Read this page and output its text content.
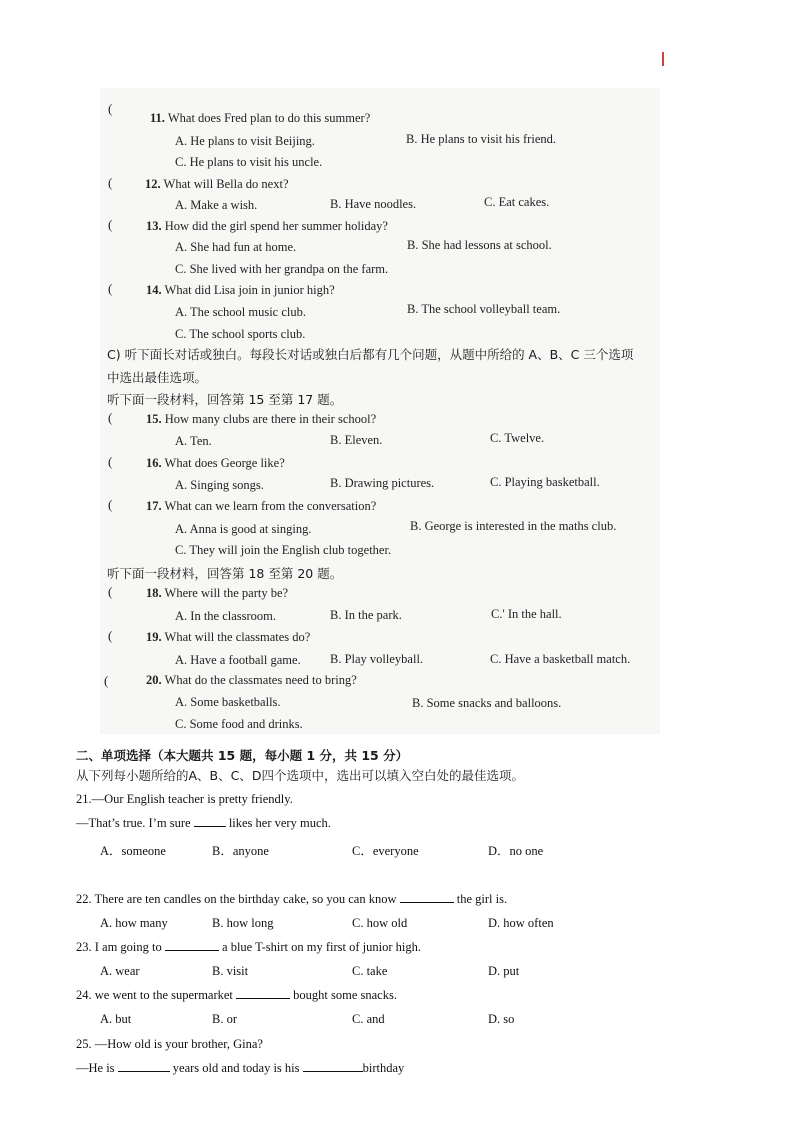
(
11. What does Fred plan to do this summer?
A. He plans to visit Beijing.	B. He plans to visit his friend.
C. He plans to visit his uncle.
(	12. What will Bella do next?
A. Make a wish.	B. Have noodles.	C. Eat cakes.
(	13. How did the girl spend her summer holiday?
A. She had fun at home.	B. She had lessons at school.
C. She lived with her grandpa on the farm.
(	14. What did Lisa join in junior high?
A. The school music club.	B. The school volleyball team.
C. The school sports club.
C) 听下面长对话或独白。每段长对话或独白后都有几个问题，从题中所给的 A、B、C 三个选项
中选出最佳选项。
听下面一段材料，回答第 15 至第 17 题。
(	15. How many clubs are there in their school?
A. Ten.	B. Eleven.	C. Twelve.
(	16. What does George like?
A. Singing songs.	B. Drawing pictures.	C. Playing basketball.
(	17. What can we learn from the conversation?
A. Anna is good at singing.	B. George is interested in the maths club.
C. They will join the English club together.
听下面一段材料，回答第 18 至第 20 题。
(	18. Where will the party be?
A. In the classroom.	B. In the park.	C.' In the hall.
(	19. What will the classmates do?
A. Have a football game. B. Play volleyball.	C. Have a basketball match.
(	20. What do the classmates need to bring?
A. Some basketballs.	B. Some snacks and balloons.
C. Some food and drinks.
二、单项选择（本大题共 15 题，每小题 1 分，共 15 分）
从下列每小题所给的A、B、C、D四个选项中，选出可以填入空白处的最佳选项。
21.—Our English teacher is pretty friendly.
—That’s true. I’m sure	likes her very much.
A．someone	B．anyone	C．everyone	D．no one
22. There are ten candles on the birthday cake, so you can know	the girl is.
A. how many	B. how long	C. how old	D. how often
23. I am going to	a blue T-shirt on my first of junior high.
A. wear	B. visit	C. take	D. put
24. we went to the supermarket	bought some snacks.
A. but	B. or	C. and	D. so
25. —How old is your brother, Gina?
—He is	years old and today is his	birthday
